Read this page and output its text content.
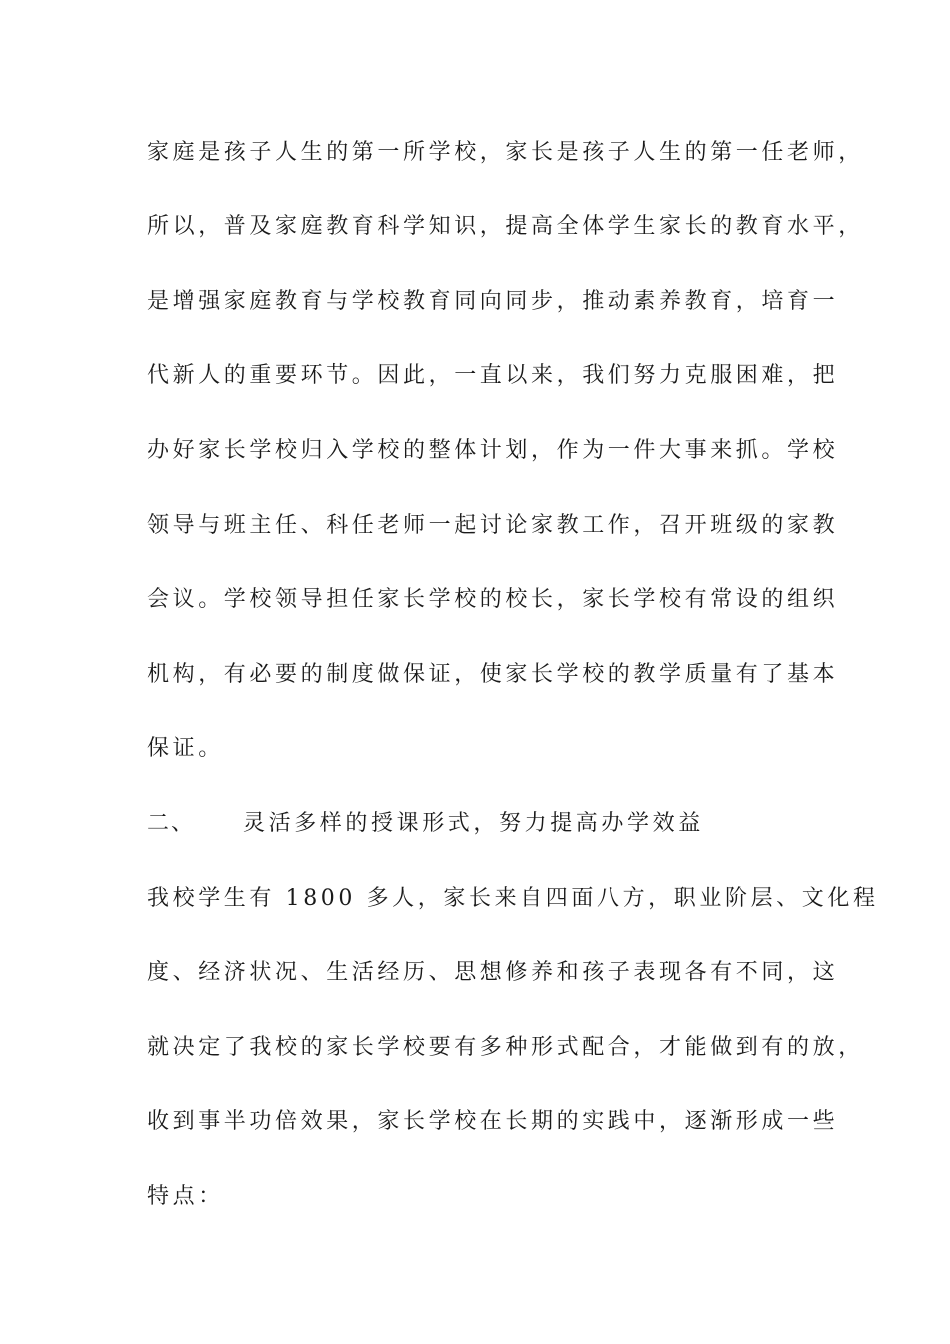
家庭是孩子人生的第一所学校，家长是孩子人生的第一任老师，
所以，普及家庭教育科学知识，提高全体学生家长的教育水平，
是增强家庭教育与学校教育同向同步，推动素养教育，培育一
代新人的重要环节。因此，一直以来，我们努力克服困难，把
办好家长学校归入学校的整体计划，作为一件大事来抓。学校
领导与班主任、科任老师一起讨论家教工作，召开班级的家教
会议。学校领导担任家长学校的校长，家长学校有常设的组织
机构，有必要的制度做保证，使家长学校的教学质量有了基本
保证。
二、 灵活多样的授课形式，努力提高办学效益
我校学生有 1800 多人，家长来自四面八方，职业阶层、文化程
度、经济状况、生活经历、思想修养和孩子表现各有不同，这
就决定了我校的家长学校要有多种形式配合，才能做到有的放，
收到事半功倍效果，家长学校在长期的实践中，逐渐形成一些
特点：
